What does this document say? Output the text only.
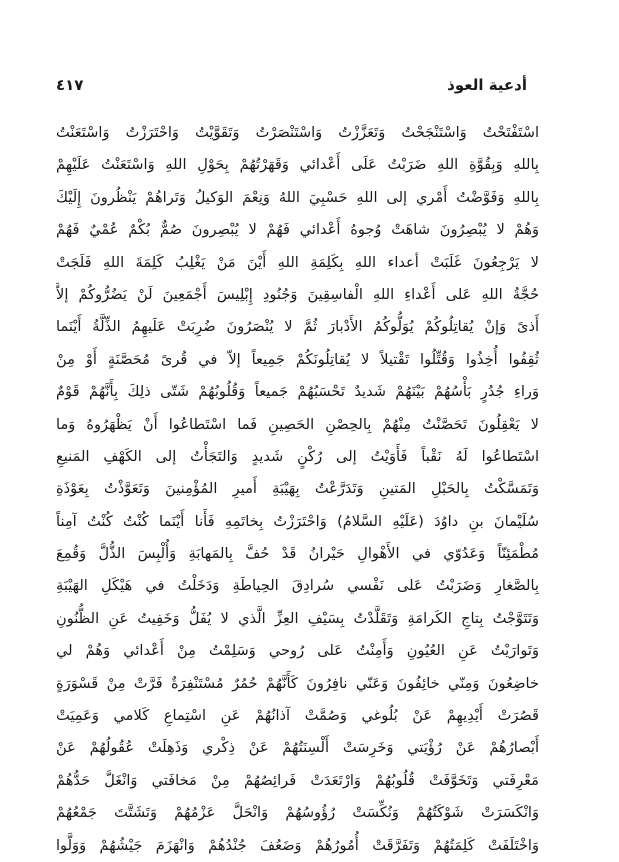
أدعية العوذ
٤١٧
اسْتَفْتَحْتُ وَاسْتَنْجَحْتُ وَتَعَزَّزْتُ وَاسْتَنْصَرْتُ وَتَقَوَّيْتُ وَاحْتَرَزْتُ وَاسْتَعَنْتُ
بِاللهِ وَبِقُوَّةِ اللهِ ضَرَبْتُ عَلَى أَعْدائي وَقَهَرْتُهُمْ بِحَوْلِ اللهِ وَاسْتَعَنْتُ عَلَيْهِمْ
بِاللهِ وَفَوَّضْتُ أَمْري إلى اللهِ حَسْبِيَ اللهُ وَنِعْمَ الوَكيلُ وَتَراهُمْ يَنْظُرونَ إِلَيْكَ
وَهُمْ لا يُبْصِرُونَ شاهَتْ وُجوهُ أَعْدائي فَهُمْ لا يُبْصِرونَ صُمٌّ بُكْمٌ عُمْيٌ فَهُمْ
لا يَرْجِعُونَ غَلَبَتْ أعداء اللهِ بِكَلِمَةِ اللهِ أَيْنَ مَنْ يَغْلِبُ كَلِمَةَ اللهِ فَلَجَتْ
حُجَّةُ اللهِ عَلى أَعْداءِ اللهِ الْفاسِقِينَ وَجُنُودِ إِبْلِيسَ أَجْمَعِينَ لَنْ يَضُرُّوكُمْ إلاَّ
أَذىً وَإنْ يُقاتِلُوكُمْ يُوَلُّوكُمُ الأَدْبارَ ثُمَّ لا يُنْصَرُونَ ضُرِبَتْ عَلَيهِمُ الذِّلَّةُ أَيْنَما
ثُقِفُوا أُخِذُوا وَقُتِّلُوا تَقْتيلاً لا يُقاتِلُونَكُمْ جَمِيعاً إلاّ في قُرىً مُحَصَّنَةٍ أَوْ مِنْ
وَراءِ جُدُرٍ بَأْسُهُمْ بَيْنَهُمْ شَديدٌ تَحْسَبُهُمْ جَميعاً وَقُلُوبُهُمْ شَتّى ذلِكَ بِأَنَّهُمْ قَوْمٌ
لا يَعْقِلُونَ تَحَصَّنْتُ مِنْهُمْ بِالحِصْنِ الحَصِينِ فَما اسْتَطاعُوا أَنْ يَظْهَرُوهُ وَما
اسْتَطاعُوا لَهُ نَقْباً فَأَوَيْتُ إلى رُكْنٍ شَديدٍ وَالتَجَأْتُ إلى الكَهْفِ المَنيعِ
وَتَمَسَّكْتُ بِالحَبْلِ المَتينِ وَتَدَرَّعْتُ بِهَيْبَةِ أَميرِ المُؤْمِنينَ وَتَعَوَّذْتُ بِعَوْذَةِ
سُلَيْمانَ بنِ داوُدَ (عَلَيْهِ السَّلامُ) وَاحْتَرَزْتُ بِخاتَمِهِ فَأَنا أَيْنَما كُنْتُ كُنْتُ آمِناً
مُطْمَئِنّاً وَعَدُوّي في الأَهْوالِ حَيْرانُ قَدْ حُفَّ بِالمَهابَةِ وَأُلْبِسَ الذُّلَّ وَقُمِعَ
بِالصَّغارِ وَضَرَبْتُ عَلى نَفْسي سُرادِقَ الحِياطَةِ وَدَخَلْتُ في هَيْكَلِ الهَيْبَةِ
وَتَتَوَّجْتُ بِتاجِ الكَرامَةِ وَتَقَلَّدْتُ بِسَيْفِ العِزِّ الَّذي لا يُفَلُّ وَخَفِيتُ عَنِ الظُّنُونِ
وَتَوارَيْتُ عَنِ العُيُونِ وَأَمِنْتُ عَلى رُوحي وَسَلِمْتُ مِنْ أَعْدائي وَهُمْ لي
خاضِعُونَ وَمِنّي خائِفُونَ وَعَنّي نافِرُونَ كَأَنَّهُمْ حُمُرٌ مُسْتَنْفِرَةٌ فَرَّتْ مِنْ قَسْوَرَةٍ
قَصُرَتْ أَيْدِيهِمْ عَنْ بُلُوغي وَصُمَّتْ آذانُهُمْ عَنِ اسْتِماعِ كَلامي وَعَمِيَتْ
أَبْصارُهُمْ عَنْ رُؤْيَتي وَخَرِسَتْ أَلْسِنَتُهُمْ عَنْ ذِكْري وَذَهِلَتْ عُقُولُهُمْ عَنْ
مَعْرِفَتي وَتَخَوَّفَتْ قُلُوبُهُمْ وَارْتَعَدَتْ فَرائِصُهُمْ مِنْ مَخافَتي وَانْغَلَّ حَدُّهُمْ
وَانْكَسَرَتْ شَوْكَتُهُمْ وَنُكِّسَتْ رُؤُوسُهُمْ وَانْحَلَّ عَزْمُهُمْ وَتَشَتَّتَ جَمْعُهُمْ
وَاخْتَلَفَتْ كَلِمَتُهُمْ وَتَفَرَّقَتْ أُمُورُهُمْ وَضَعُفَ جُنْدُهُمْ وَانْهَزَمَ جَيْشُهُمْ وَوَلَّوا
